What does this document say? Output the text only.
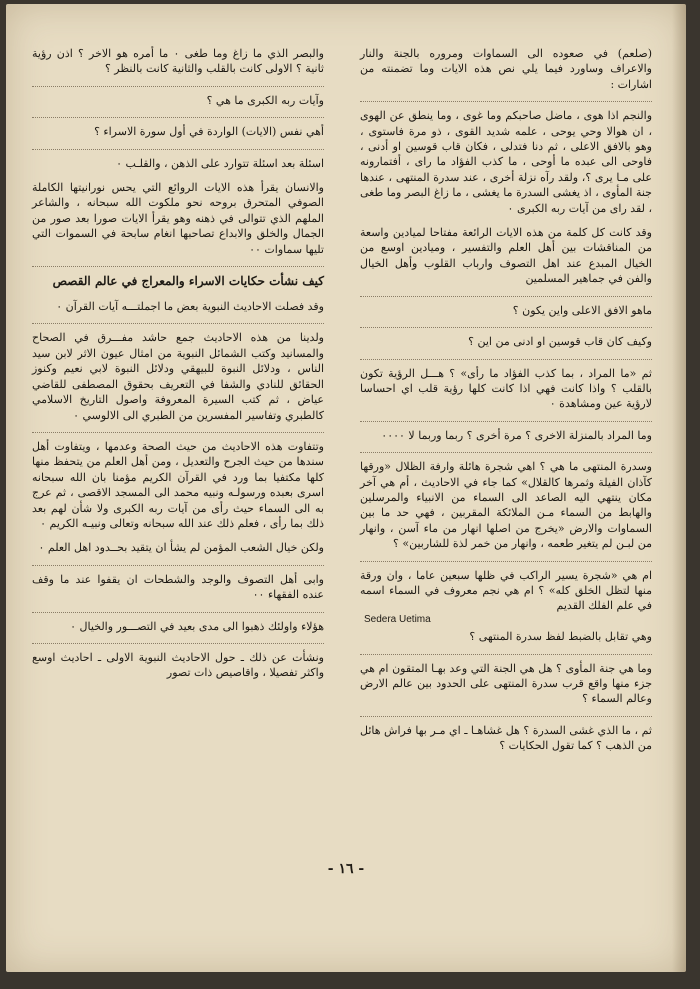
(صلعم) في صعوده الى السماوات ومروره بالجنة والنار والاعراف وساورد فيما يلي نص هذه الايات وما تضمنته من اشارات :

والنجم اذا هوى ، ماضل صاحبكم وما غوى ، وما ينطق عن الهوى ، ان هوالا وحي يوحى ، علمه شديد القوى ، ذو مرة فاستوى ، وهو بالافق الاعلى ، ثم دنا فتدلى ، فكان قاب قوسين او أدنى ، فاوحى الى عبده ما أوحى ، ما كذب الفؤاد ما راى ، أفتمارونه على مـا يرى ؟، ولقد رآه نزلة أخرى ، عند سدرة المنتهى ، عندها جنة المأوى ، اذ يغشى السدرة ما يغشى ، ما زاغ البصر وما طغى ، لقد راى من آيات ربه الكبرى ٠

وقد كانت كل كلمة من هذه الايات الرائعة مفتاحا لميادين واسعة من المناقشات بين أهل العلم والتفسير ، وميادين اوسع من الخيال المبدع عند اهل التصوف وارباب القلوب وأهل الخيال والفن في جماهير المسلمين

ماهو الافق الاعلى واين يكون ؟

وكيف كان قاب قوسين او ادنى من اين ؟

ثم «ما المراد ، بما كذب الفؤاد ما رأى» ؟ هـــل الرؤية تكون بالقلب ؟ واذا كانت فهي اذا كانت كلها رؤية قلب اي احساسا لارؤية عين ومشاهدة ٠

وما المراد بالمنزلة الاخرى ؟ مرة أخرى ؟ ربما وربما لا ٠٠٠٠

وسدرة المنتهى ما هي ؟ اهي شجرة هائلة وارفة الظلال «ورقها كآذان الفيلة وثمرها كالقلال» كما جاء في الاحاديث ، أم هي آخر مكان ينتهي اليه الصاعد الى السماء من الانبياء والمرسلين والهابط من السماء مـن الملائكة المقربين ، فهي حد ما بين السماوات والارض «يخرج من اصلها انهار من ماء آسن ، وانهار من لبـن لم يتغير طعمه ، وانهار من خمر لذة للشاربين» ؟

ام هي «شجرة يسير الراكب في ظلها سبعين عاما ، وان ورقة منها لتظل الخلق كله» ؟ ام هي نجم معروف في السماء اسمه في علم الفلك القديم

Sedera Uetima

وهي تقابل بالضبط لفظ سدرة المنتهى ؟

وما هي جنة المأوى ؟ هل هي الجنة التي وعد بهـا المتقون ام هي جزء منها واقع قرب سدرة المنتهى على الحدود بين عالم الارض وعالم السماء ؟

ثم ، ما الذي غشى السدرة ؟ هل غشاهـا ـ اي مـر بها فراش هائل من الذهب ؟ كما تقول الحكايات ؟

والبصر الذي ما زاغ وما طغى ٠ ما أمره هو الاخر ؟ اذن رؤية ثانية ؟ الاولى كانت بالقلب والثانية كانت بالنظر ؟

وآيات ربه الكبرى ما هي ؟

أهي نفس (الايات) الواردة في أول سورة الاسراء ؟

اسئلة بعد اسئلة تتوارد على الذهن ، والقلـب ٠

والانسان يقرأ هذه الايات الروائع التي يحس نورانيتها الكاملة الصوفي المتحرق بروحه نحو ملكوت الله سبحانه ، والشاعر الملهم الذي تتوالى في ذهنه وهو يقرأ الايات صورا بعد صور من الجمال والخلق والابداع تصاحبها انغام سابحة في السموات التي تليها سماوات ٠٠

كيف نشأت حكايات الاسراء والمعراج في عالم القصص

وقد فصلت الاحاديث النبوية بعض ما اجملتـــه آيات القرآن ٠

ولدينا من هذه الاحاديث جمع حاشد مفـــرق في الصحاح والمسانيد وكتب الشمائل النبوية من امثال عيون الاثر لابن سيد الناس ، ودلائل النبوة للبيهقي ودلائل النبوة لابي نعيم وكنوز الحقائق للنادي والشفا في التعريف بحقوق المصطفى للقاضي عياض ، ثم كتب السيرة المعروفة واصول التاريخ الاسلامي كالطبري وتفاسير المفسرين من الطبري الى الالوسي ٠

وتتفاوت هذه الاحاديث من حيث الصحة وعدمها ، ويتفاوت أهل سندها من حيث الجرح والتعديل ، ومن أهل العلم من يتحفظ منها كلها مكتفيا بما ورد في القرآن الكريم مؤمنا بان الله سبحانه اسرى بعبده ورسولـه ونبيه محمد الى المسجد الاقصى ، ثم عرج به الى السماء حيث رأى من آيات ربه الكبرى ولا شأن لهم بعد ذلك بما رأى ، فعلم ذلك عند الله سبحانه وتعالى ونبيـه الكريم ٠

ولكن خيال الشعب المؤمن لم يشأ ان يتقيد بحــدود اهل العلم ٠

وابى أهل التصوف والوجد والشطحات ان يقفوا عند ما وقف عنده الفقهاء ٠٠

هؤلاء واولئك ذهبوا الى مدى بعيد في التصـــور والخيال ٠

ونشأت عن ذلك ـ حول الاحاديث النبوية الاولى ـ احاديث اوسع واكثر تفصيلا ، واقاصيص ذات تصور

- ١٦ -
